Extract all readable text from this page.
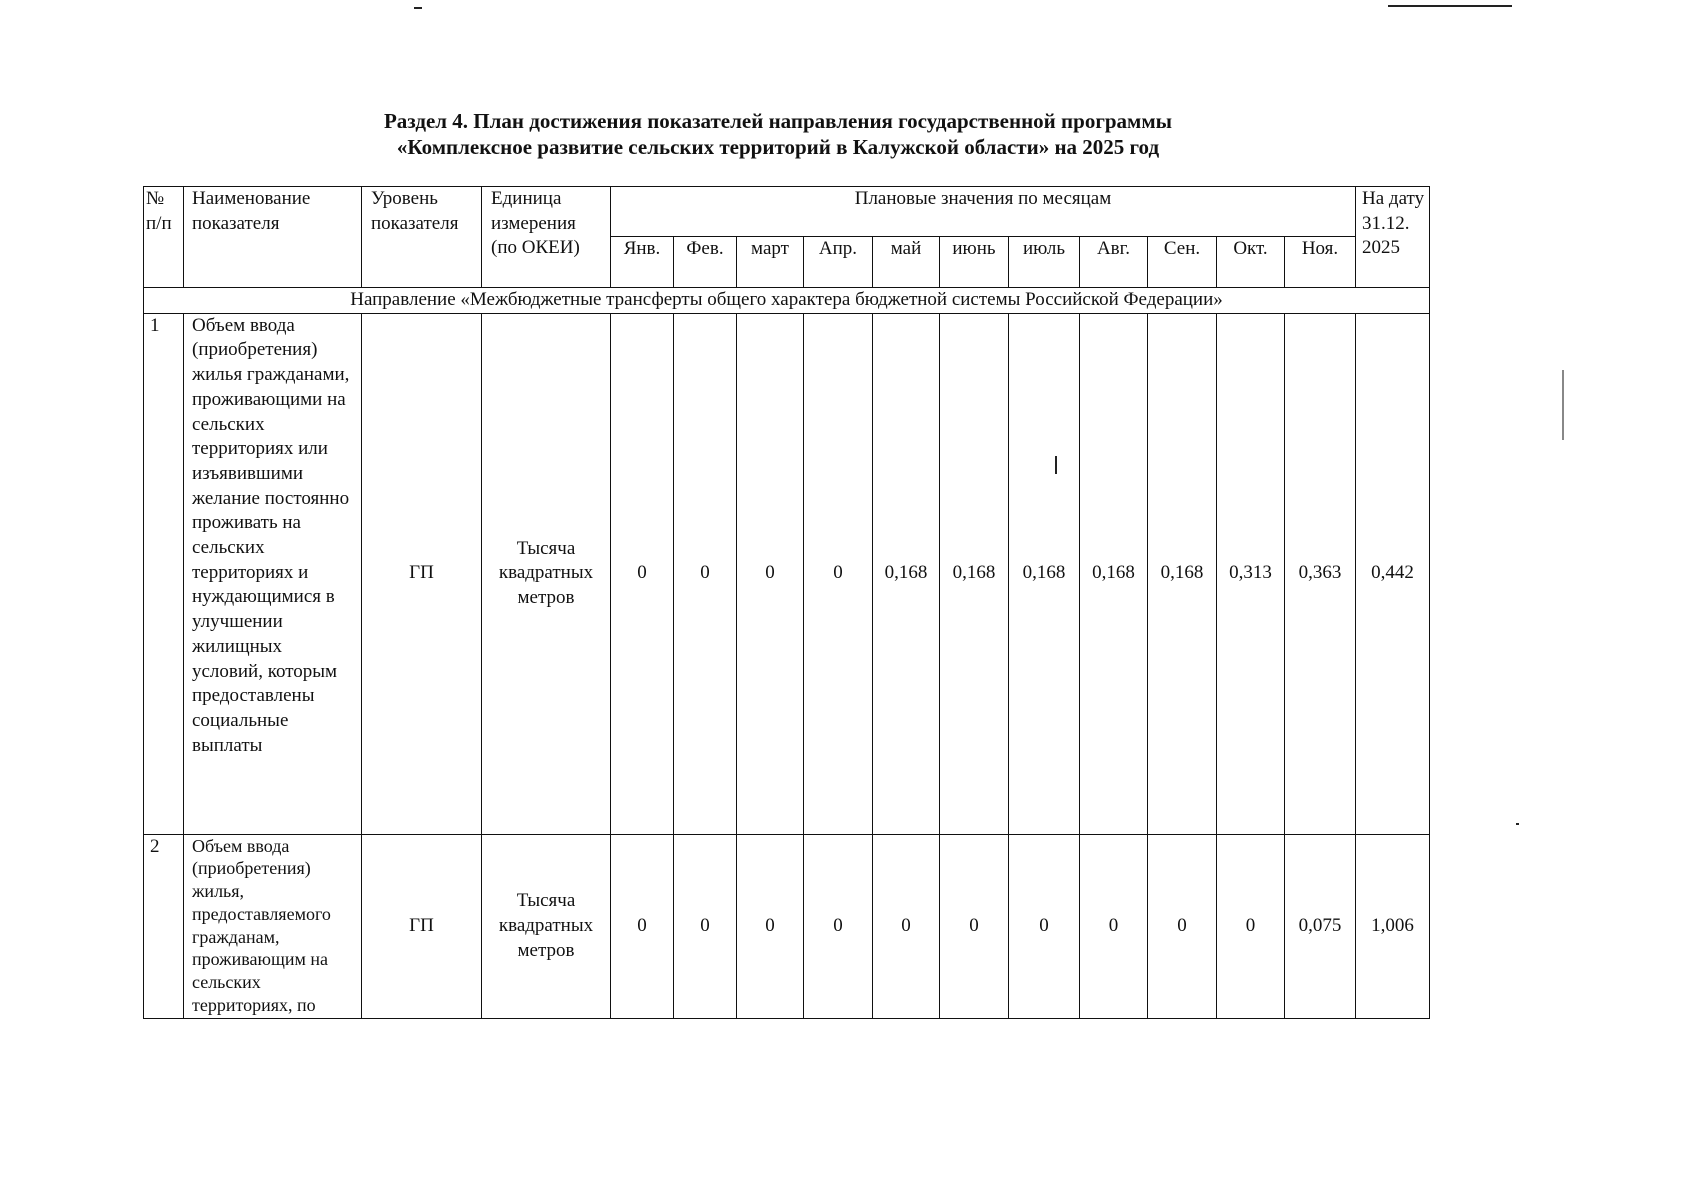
Раздел 4. План достижения показателей направления государственной программы
«Комплексное развитие сельских территорий в Калужской области» на 2025 год
№ п/п	Наименование показателя	Уровень показателя	Единица измерения (по ОКЕИ)	Плановые значения по месяцам											На дату 31.12. 2025
				Янв.	Фев.	март	Апр.	май	июнь	июль	Авг.	Сен.	Окт.	Ноя.	
Направление «Межбюджетные трансферты общего характера бюджетной системы Российской Федерации»															
1	Объем ввода (приобретения) жилья гражданами, проживающими на сельских территориях или изъявившими желание постоянно проживать на сельских территориях и нуждающимися в улучшении жилищных условий, которым предоставлены социальные выплаты	ГП	Тысяча квадратных метров	0	0	0	0	0,168	0,168	0,168	0,168	0,168	0,313	0,363	0,442
2	Объем ввода (приобретения) жилья, предоставляемого гражданам, проживающим на сельских территориях, по	ГП	Тысяча квадратных метров	0	0	0	0	0	0	0	0	0	0	0,075	1,006
